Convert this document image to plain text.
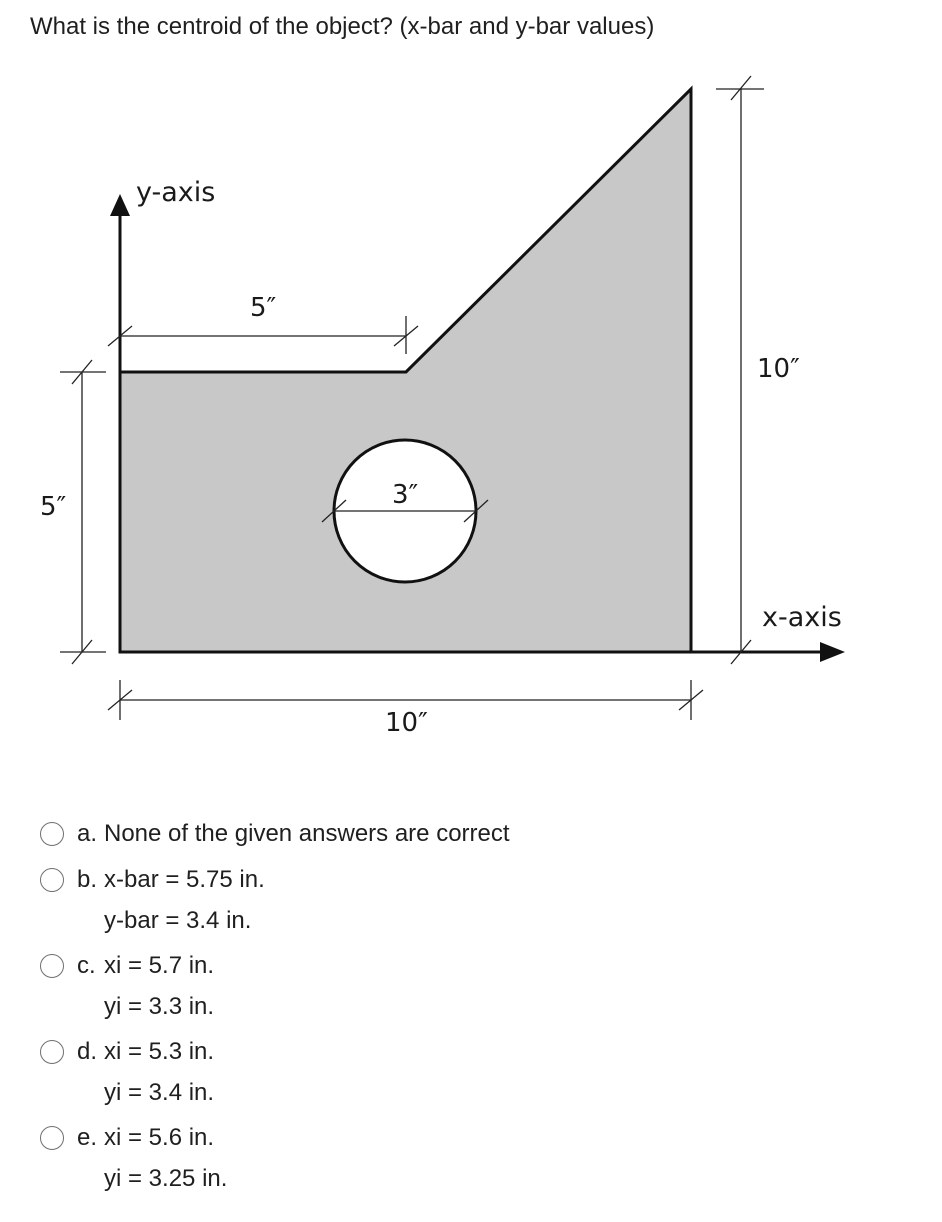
What is the centroid of the object? (x-bar and y-bar values)

y-axis
x-axis
5″
5″	3″
10″
10″
a. None of the given answers are correct
b. x-bar = 5.75 in.
y-bar = 3.4 in.
c. xi = 5.7 in.
yi = 3.3 in.
d. xi = 5.3 in.
yi = 3.4 in.
e. xi = 5.6 in.
yi = 3.25 in.
